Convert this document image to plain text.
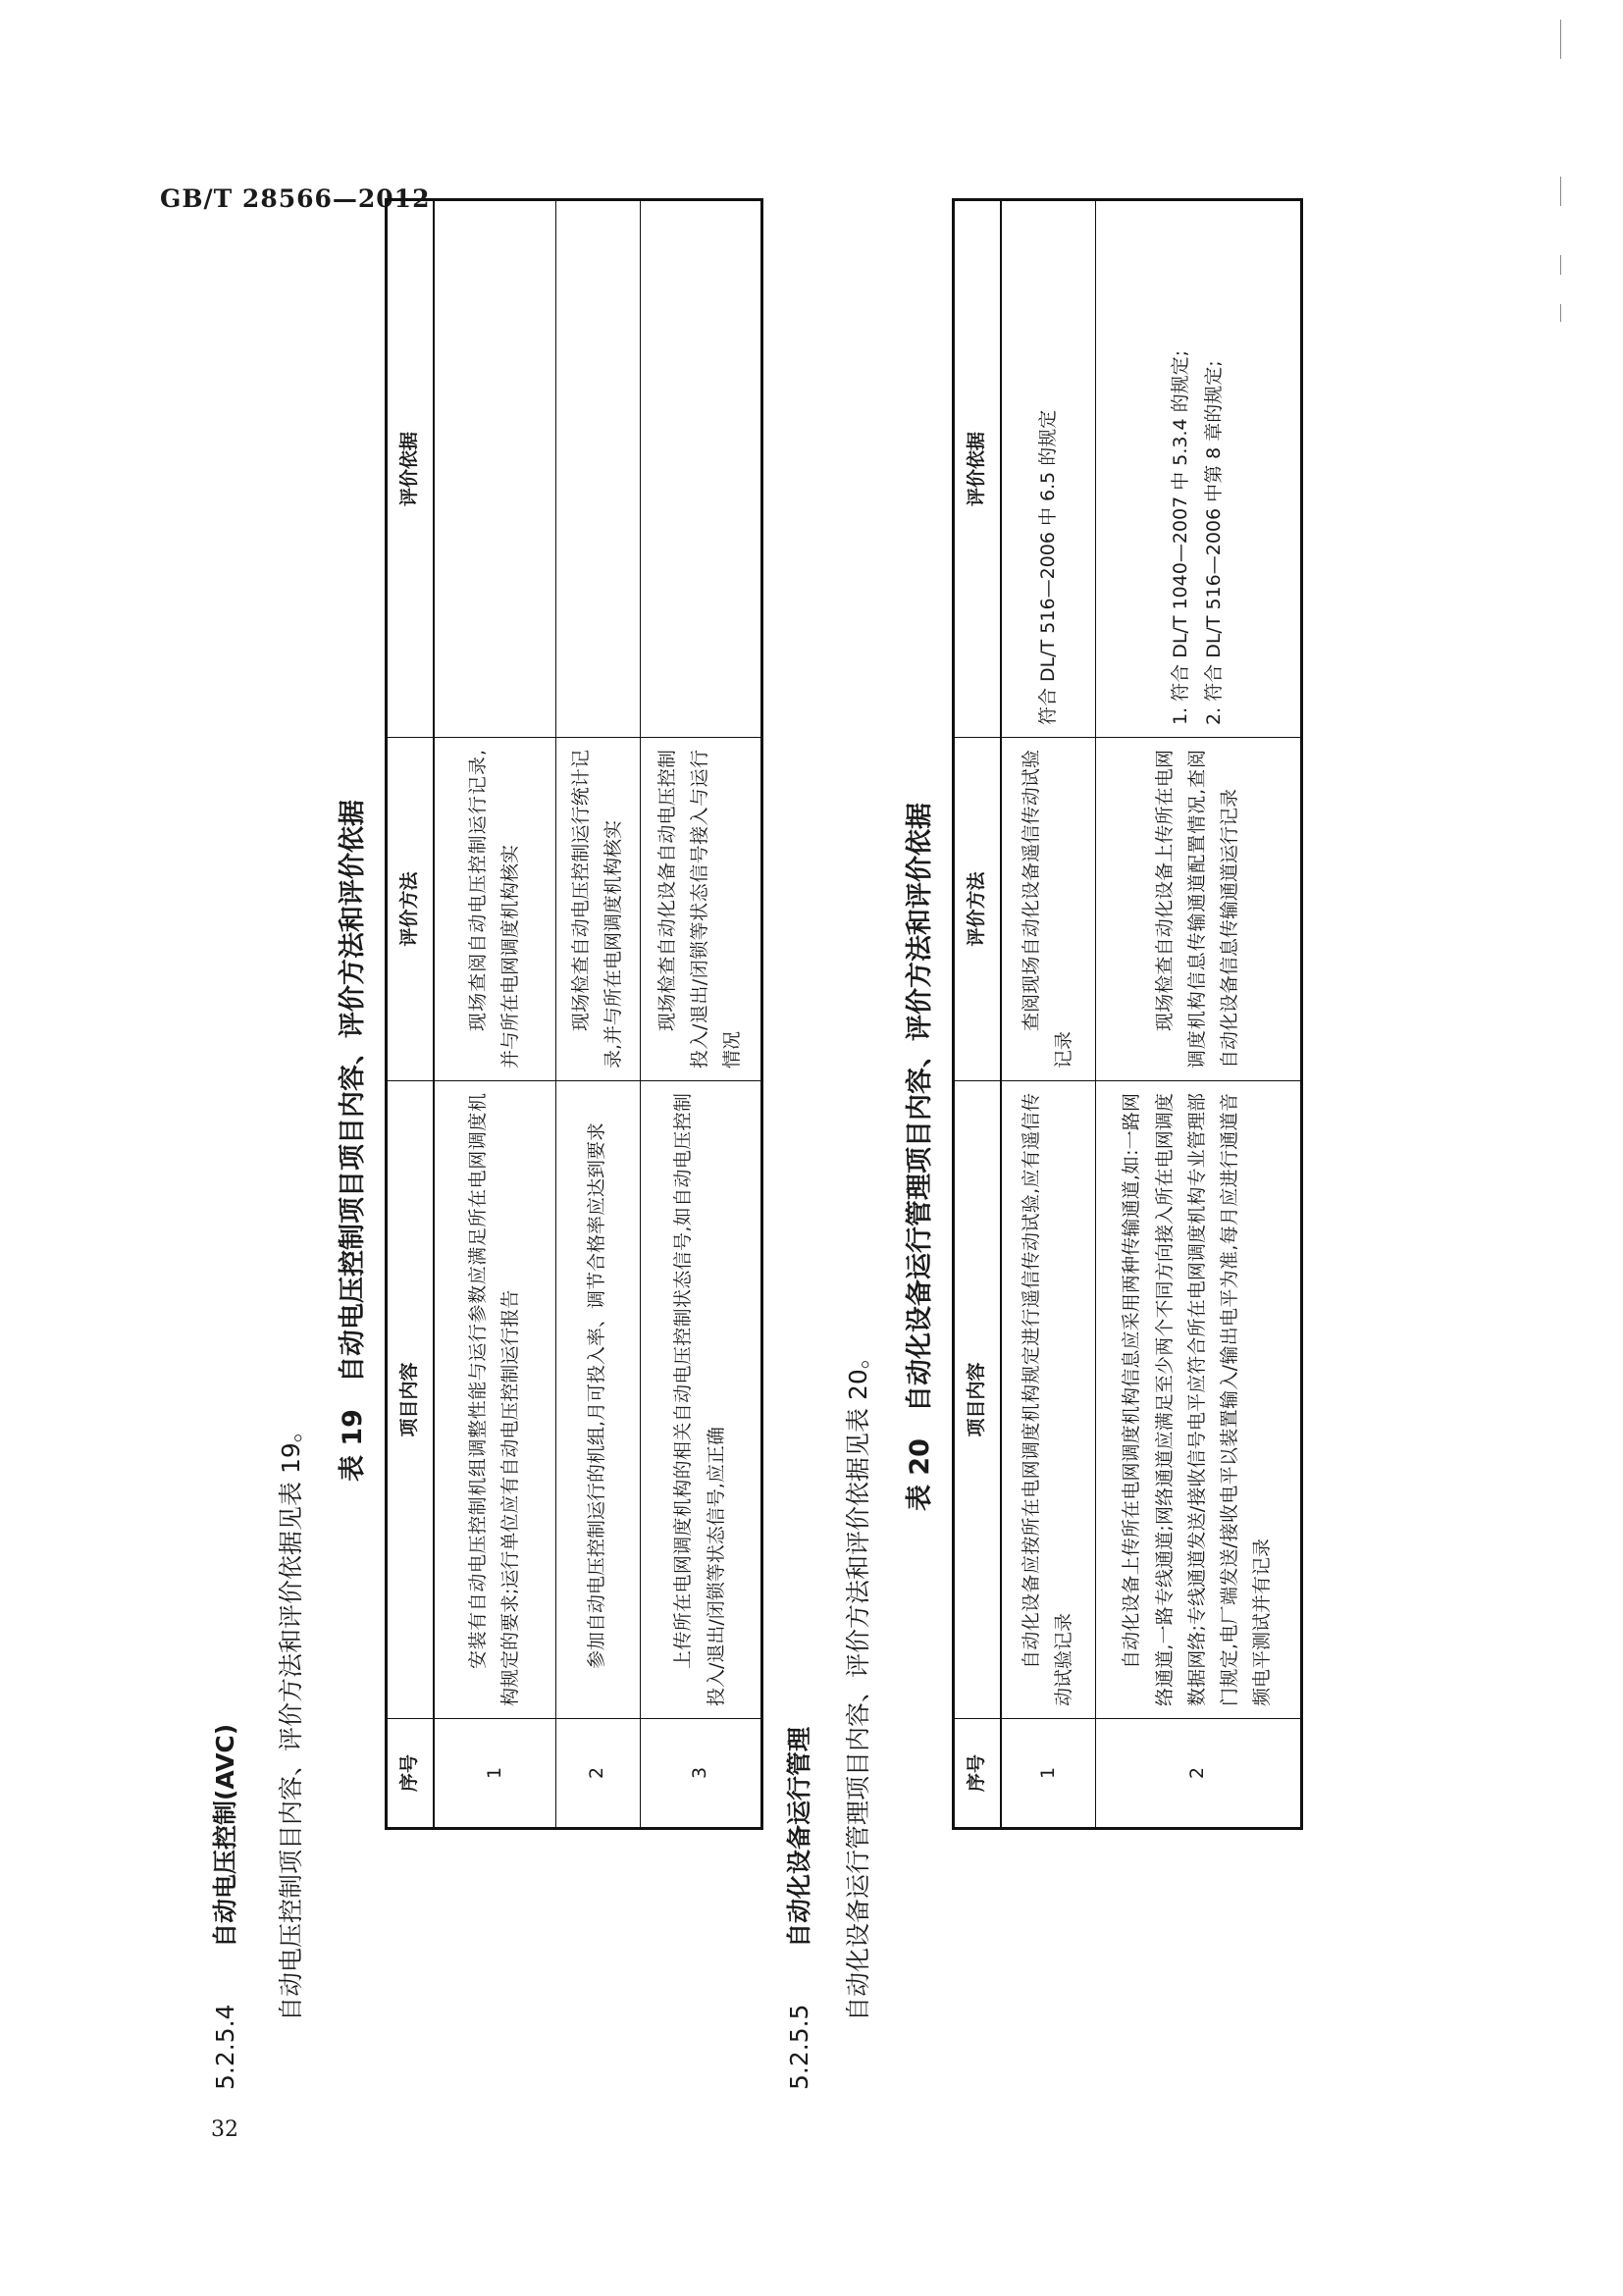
GB/T 28566—2012
32
5.2.5.4自动电压控制(AVC) 自动电压控制项目内容、评价方法和评价依据见表 19。
表 19　自动电压控制项目项目内容、评价方法和评价依据
序号	项目内容	评价方法	评价依据
1	安装有自动电压控制机组调整性能与运行参数应满足所在电网调度机构规定的要求;运行单位应有自动电压控制运行报告	现场查阅自动电压控制运行记录,并与所在电网调度机构核实	
2	参加自动电压控制运行的机组,月可投入率、调节合格率应达到要求	现场检查自动电压控制运行统计记录,并与所在电网调度机构核实	
3	上传所在电网调度机构的相关自动电压控制状态信号,如自动电压控制投入/退出/闭锁等状态信号,应正确	现场检查自动化设备自动电压控制投入/退出/闭锁等状态信号接入与运行情况	
5.2.5.5自动化设备运行管理 自动化设备运行管理项目内容、评价方法和评价依据见表 20。
表 20　自动化设备运行管理项目内容、评价方法和评价依据
序号	项目内容	评价方法	评价依据
1	自动化设备应按所在电网调度机构规定进行遥信传动试验,应有遥信传动试验记录	查阅现场自动化设备遥信传动试验记录	符合 DL/T 516—2006 中 6.5 的规定

2	自动化设备上传所在电网调度机构信息应采用两种传输通道,如:一路网络通道,一路专线通道;网络通道应满足至少两个不同方向接入所在电网调度数据网络;专线通道发送/接收信号电平应符合所在电网调度机构专业管理部门规定,电厂端发送/接收电平以装置输入/输出电平为准,每月应进行通道音频电平测试并有记录	现场检查自动化设备上传所在电网调度机构信息传输通道配置情况,查阅自动化设备信息传输通道运行记录	1. 符合 DL/T 1040—2007 中 5.3.4 的规定; 2. 符合 DL/T 516—2006 中第 8 章的规定;
